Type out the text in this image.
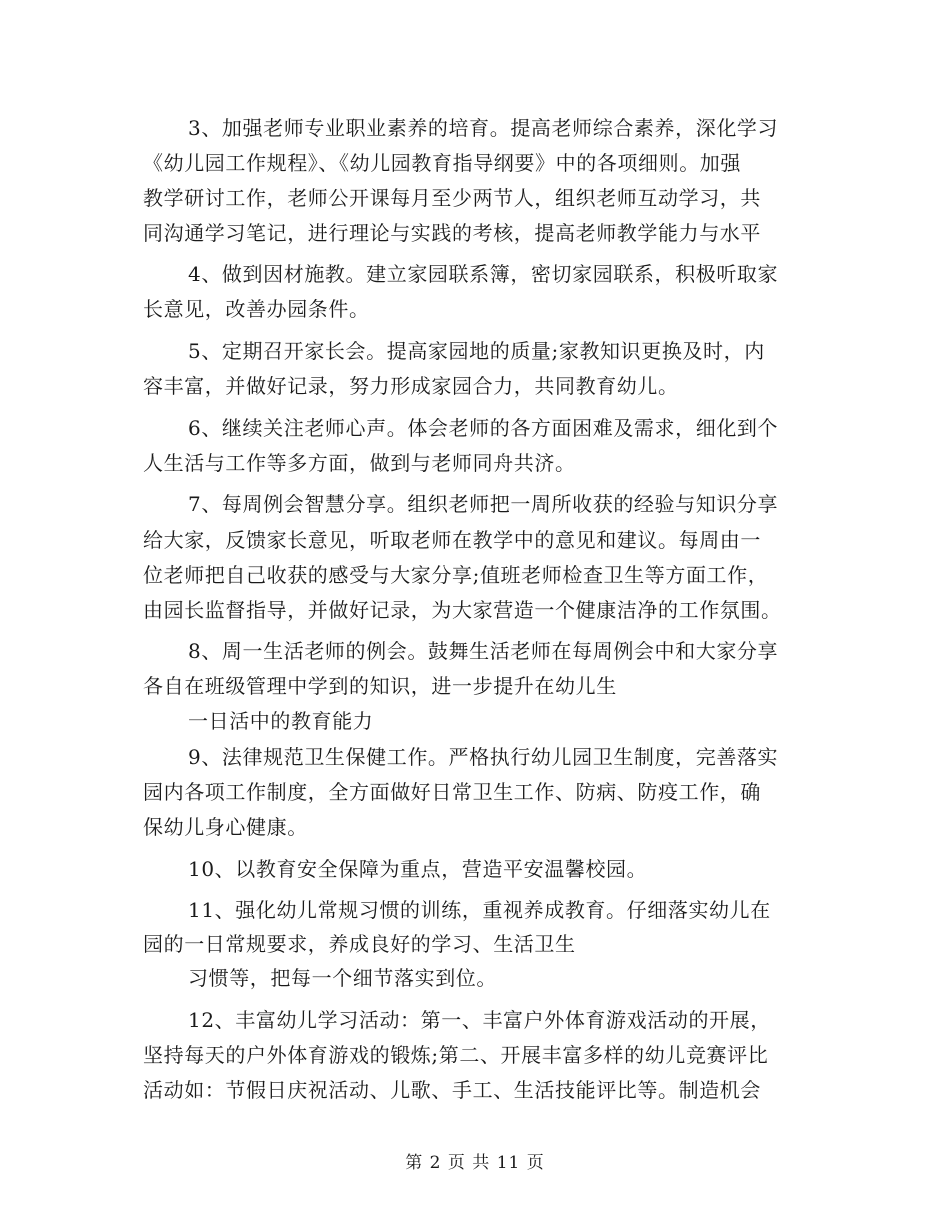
3、加强老师专业职业素养的培育。提高老师综合素养，深化学习
《幼儿园工作规程》、《幼儿园教育指导纲要》中的各项细则。加强
教学研讨工作，老师公开课每月至少两节人，组织老师互动学习，共
同沟通学习笔记，进行理论与实践的考核，提高老师教学能力与水平
4、做到因材施教。建立家园联系簿，密切家园联系，积极听取家
长意见，改善办园条件。
5、定期召开家长会。提高家园地的质量;家教知识更换及时，内
容丰富，并做好记录，努力形成家园合力，共同教育幼儿。
6、继续关注老师心声。体会老师的各方面困难及需求，细化到个
人生活与工作等多方面，做到与老师同舟共济。
7、每周例会智慧分享。组织老师把一周所收获的经验与知识分享
给大家，反馈家长意见，听取老师在教学中的意见和建议。每周由一
位老师把自己收获的感受与大家分享;值班老师检查卫生等方面工作，
由园长监督指导，并做好记录，为大家营造一个健康洁净的工作氛围。
8、周一生活老师的例会。鼓舞生活老师在每周例会中和大家分享
各自在班级管理中学到的知识，进一步提升在幼儿生
一日活中的教育能力
9、法律规范卫生保健工作。严格执行幼儿园卫生制度，完善落实
园内各项工作制度，全方面做好日常卫生工作、防病、防疫工作，确
保幼儿身心健康。
10、以教育安全保障为重点，营造平安温馨校园。
11、强化幼儿常规习惯的训练，重视养成教育。仔细落实幼儿在
园的一日常规要求，养成良好的学习、生活卫生
习惯等，把每一个细节落实到位。
12、丰富幼儿学习活动：第一、丰富户外体育游戏活动的开展，
坚持每天的户外体育游戏的锻炼;第二、开展丰富多样的幼儿竞赛评比
活动如：节假日庆祝活动、儿歌、手工、生活技能评比等。制造机会
第 2 页 共 11 页
